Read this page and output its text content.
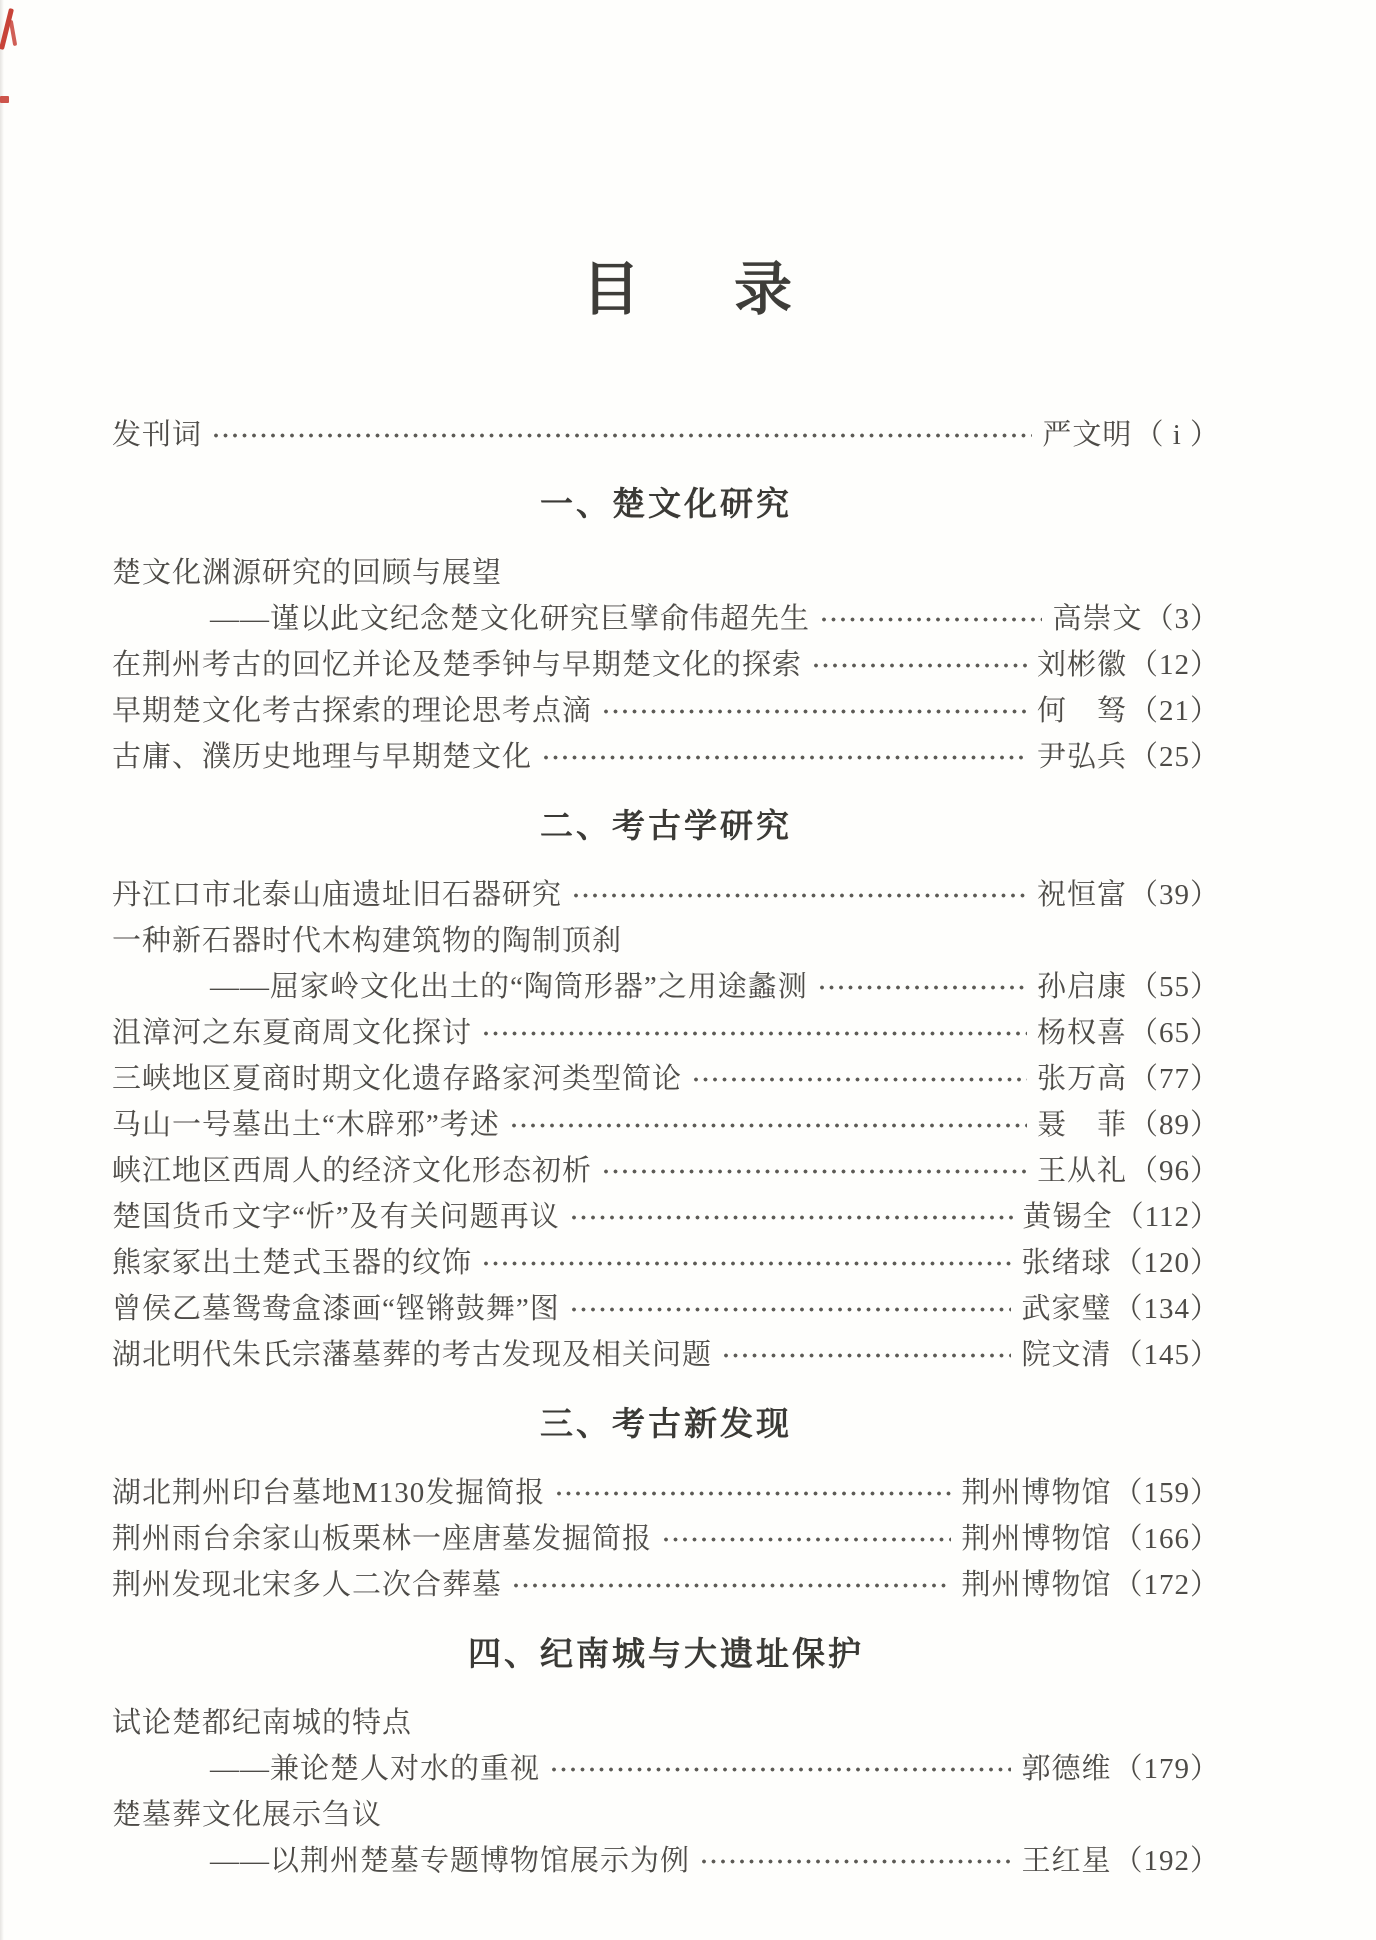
目 录
发刊词	严文明（ i ）
一、楚文化研究
楚文化渊源研究的回顾与展望
——谨以此文纪念楚文化研究巨擘俞伟超先生	高崇文（3）
在荆州考古的回忆并论及楚季钟与早期楚文化的探索	刘彬徽（12）
早期楚文化考古探索的理论思考点滴	何　驽（21）
古庸、濮历史地理与早期楚文化	尹弘兵（25）
二、考古学研究
丹江口市北泰山庙遗址旧石器研究	祝恒富（39）
一种新石器时代木构建筑物的陶制顶刹
——屈家岭文化出土的“陶筒形器”之用途蠡测	孙启康（55）
沮漳河之东夏商周文化探讨	杨权喜（65）
三峡地区夏商时期文化遗存路家河类型简论	张万高（77）
马山一号墓出土“木辟邪”考述	聂　菲（89）
峡江地区西周人的经济文化形态初析	王从礼（96）
楚国货币文字“忻”及有关问题再议	黄锡全（112）
熊家冢出土楚式玉器的纹饰	张绪球（120）
曾侯乙墓鸳鸯盒漆画“铿锵鼓舞”图	武家璧（134）
湖北明代朱氏宗藩墓葬的考古发现及相关问题	院文清（145）
三、考古新发现
湖北荆州印台墓地M130发掘简报	荆州博物馆（159）
荆州雨台余家山板栗林一座唐墓发掘简报	荆州博物馆（166）
荆州发现北宋多人二次合葬墓	荆州博物馆（172）
四、纪南城与大遗址保护
试论楚都纪南城的特点
——兼论楚人对水的重视	郭德维（179）
楚墓葬文化展示刍议
——以荆州楚墓专题博物馆展示为例	王红星（192）
